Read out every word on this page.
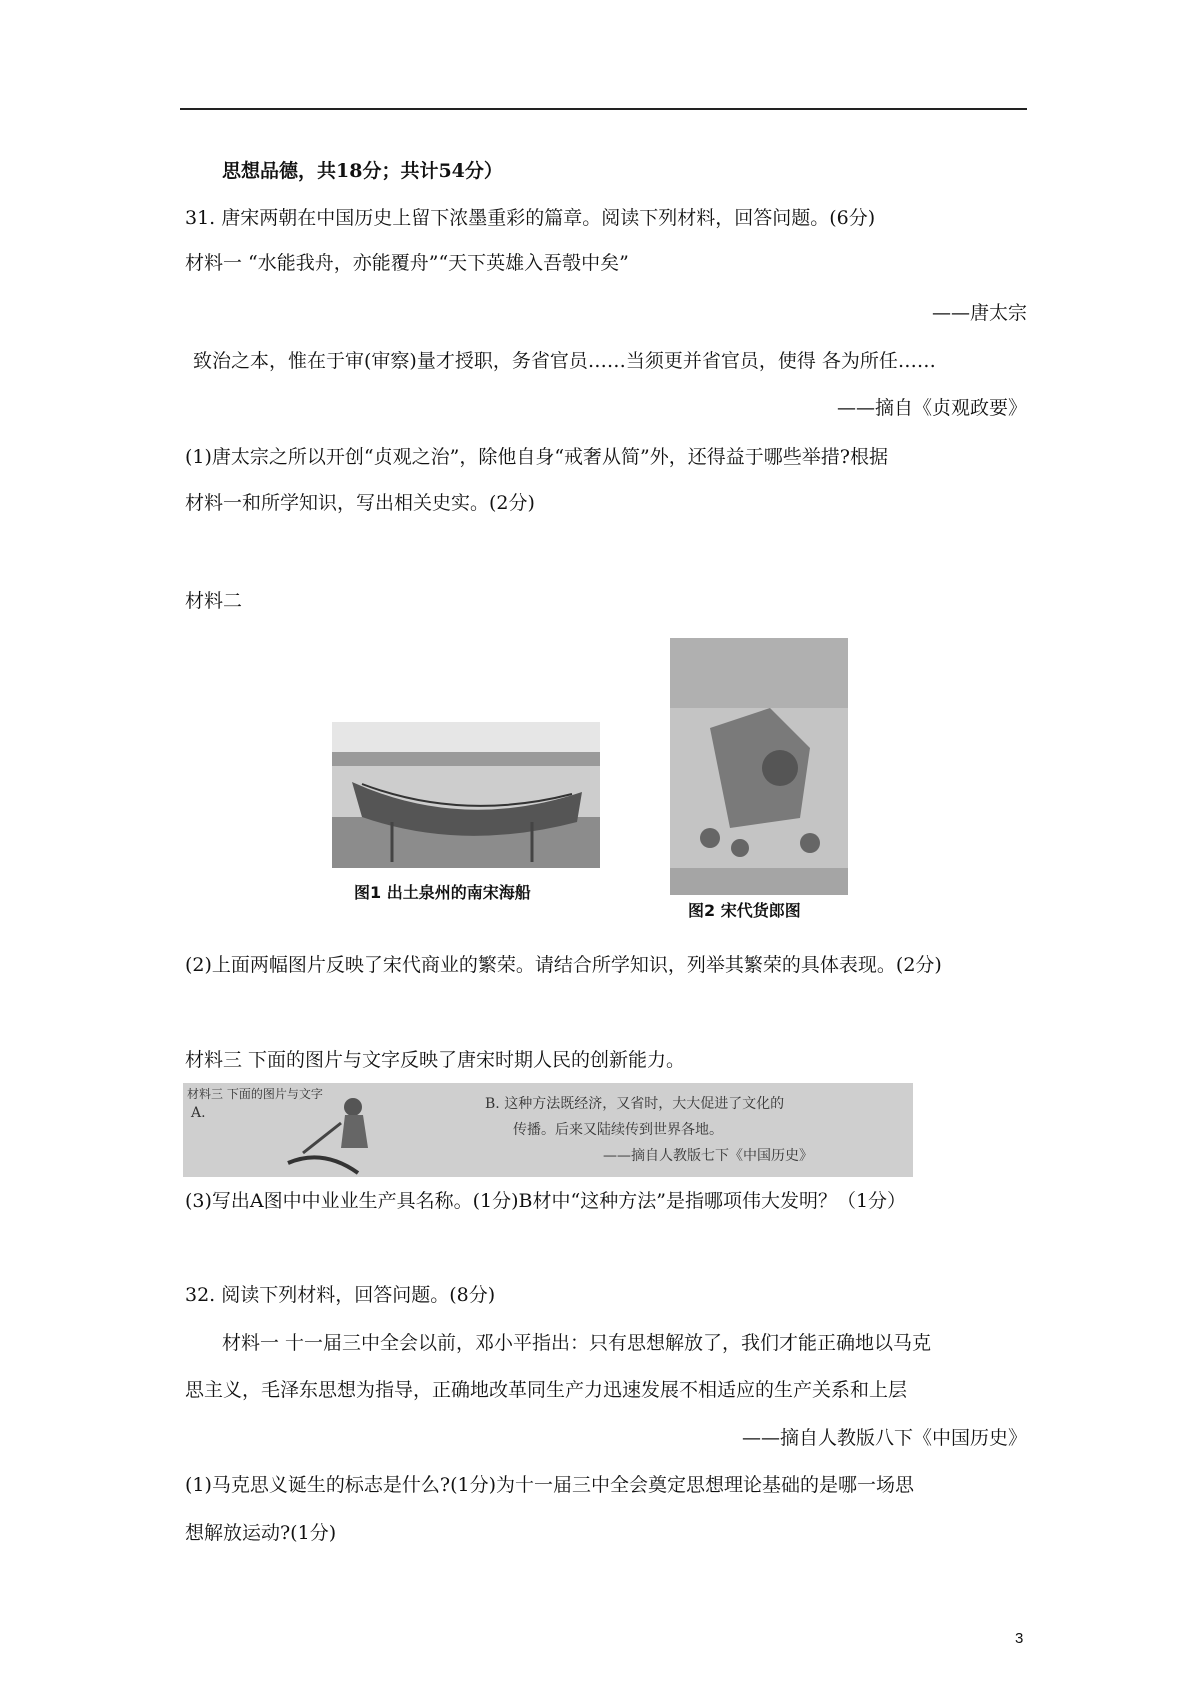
思想品德，共18分；共计54分）
31. 唐宋两朝在中国历史上留下浓墨重彩的篇章。阅读下列材料，回答问题。(6分)
材料一 “水能我舟，亦能覆舟”“天下英雄入吾彀中矣”
——唐太宗
致治之本，惟在于审(审察)量才授职，务省官员……当须更并省官员，使得 各为所任……
——摘自《贞观政要》
(1)唐太宗之所以开创“贞观之治”，除他自身“戒奢从简”外，还得益于哪些举措?根据
材料一和所学知识，写出相关史实。(2分)
材料二
图1 出土泉州的南宋海船
图2 宋代货郎图
(2)上面两幅图片反映了宋代商业的繁荣。请结合所学知识，列举其繁荣的具体表现。(2分)
材料三 下面的图片与文字反映了唐宋时期人民的创新能力。
材料三 下面的图片与文字
A.
B. 这种方法既经济，又省时，大大促进了文化的
传播。后来又陆续传到世界各地。
——摘自人教版七下《中国历史》
(3)写出A图中中业业生产具名称。(1分)B材中“这种方法”是指哪项伟大发明？（1分）
32. 阅读下列材料，回答问题。(8分)
材料一 十一届三中全会以前，邓小平指出：只有思想解放了，我们才能正确地以马克
思主义，毛泽东思想为指导，正确地改革同生产力迅速发展不相适应的生产关系和上层
——摘自人教版八下《中国历史》
(1)马克思义诞生的标志是什么?(1分)为十一届三中全会奠定思想理论基础的是哪一场思
想解放运动?(1分)
3
